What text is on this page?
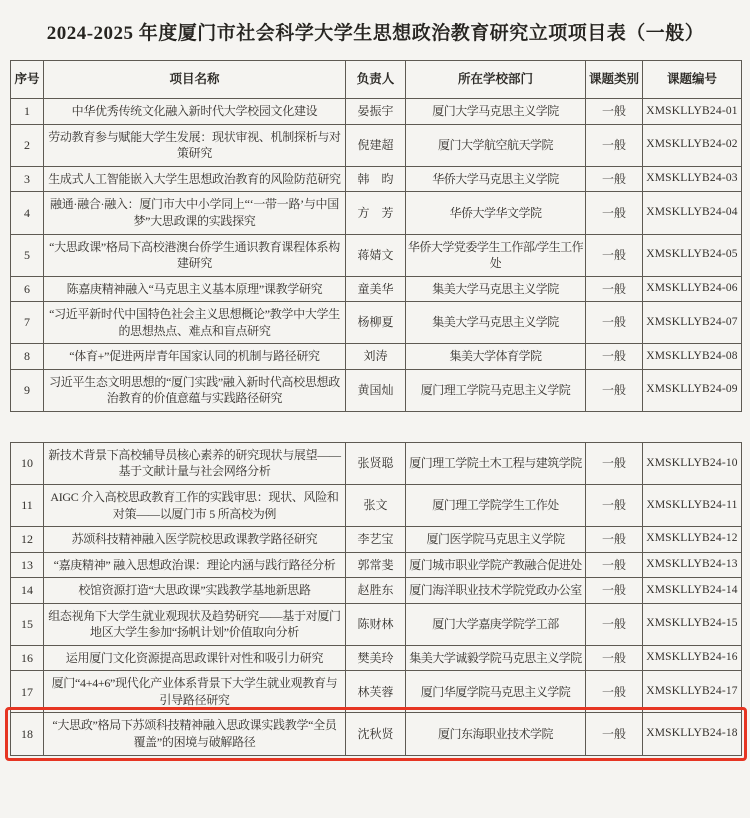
2024-2025 年度厦门市社会科学大学生思想政治教育研究立项项目表（一般）
序号	项目名称	负责人	所在学校部门	课题类别	课题编号
1	中华优秀传统文化融入新时代大学校园文化建设	晏振宇	厦门大学马克思主义学院	一般	XMSKLLYB24-01
2	劳动教育参与赋能大学生发展：现状审视、机制探析与对策研究	倪建超	厦门大学航空航天学院	一般	XMSKLLYB24-02
3	生成式人工智能嵌入大学生思想政治教育的风险防范研究	韩　昀	华侨大学马克思主义学院	一般	XMSKLLYB24-03
4	融通·融合·融入：厦门市大中小学同上“‘一带一路’与中国梦”大思政课的实践探究	方　芳	华侨大学华文学院	一般	XMSKLLYB24-04
5	“大思政课”格局下高校港澳台侨学生通识教育课程体系构建研究	蒋婧文	华侨大学党委学生工作部/学生工作处	一般	XMSKLLYB24-05
6	陈嘉庚精神融入“马克思主义基本原理”课教学研究	童美华	集美大学马克思主义学院	一般	XMSKLLYB24-06
7	“习近平新时代中国特色社会主义思想概论”教学中大学生的思想热点、难点和盲点研究	杨柳夏	集美大学马克思主义学院	一般	XMSKLLYB24-07
8	“体育+”促进两岸青年国家认同的机制与路径研究	刘涛	集美大学体育学院	一般	XMSKLLYB24-08
9	习近平生态文明思想的“厦门实践”融入新时代高校思想政治教育的价值意蕴与实践路径研究	黄国灿	厦门理工学院马克思主义学院	一般	XMSKLLYB24-09
10	新技术背景下高校辅导员核心素养的研究现状与展望——基于文献计量与社会网络分析	张贤聪	厦门理工学院土木工程与建筑学院	一般	XMSKLLYB24-10
11	AIGC 介入高校思政教育工作的实践审思：现状、风险和对策——以厦门市 5 所高校为例	张文	厦门理工学院学生工作处	一般	XMSKLLYB24-11
12	苏颂科技精神融入医学院校思政课教学路径研究	李艺宝	厦门医学院马克思主义学院	一般	XMSKLLYB24-12
13	“嘉庚精神” 融入思想政治课：理论内涵与践行路径分析	郭常斐	厦门城市职业学院产教融合促进处	一般	XMSKLLYB24-13
14	校馆资源打造“大思政课”实践教学基地新思路	赵胜东	厦门海洋职业技术学院党政办公室	一般	XMSKLLYB24-14
15	组态视角下大学生就业观现状及趋势研究——基于对厦门地区大学生参加“扬帆计划”价值取向分析	陈财林	厦门大学嘉庚学院学工部	一般	XMSKLLYB24-15
16	运用厦门文化资源提高思政课针对性和吸引力研究	樊美玲	集美大学诚毅学院马克思主义学院	一般	XMSKLLYB24-16
17	厦门“4+4+6”现代化产业体系背景下大学生就业观教育与引导路径研究	林芙蓉	厦门华厦学院马克思主义学院	一般	XMSKLLYB24-17
18	“大思政”格局下苏颂科技精神融入思政课实践教学“全员覆盖”的困境与破解路径	沈秋贤	厦门东海职业技术学院	一般	XMSKLLYB24-18
